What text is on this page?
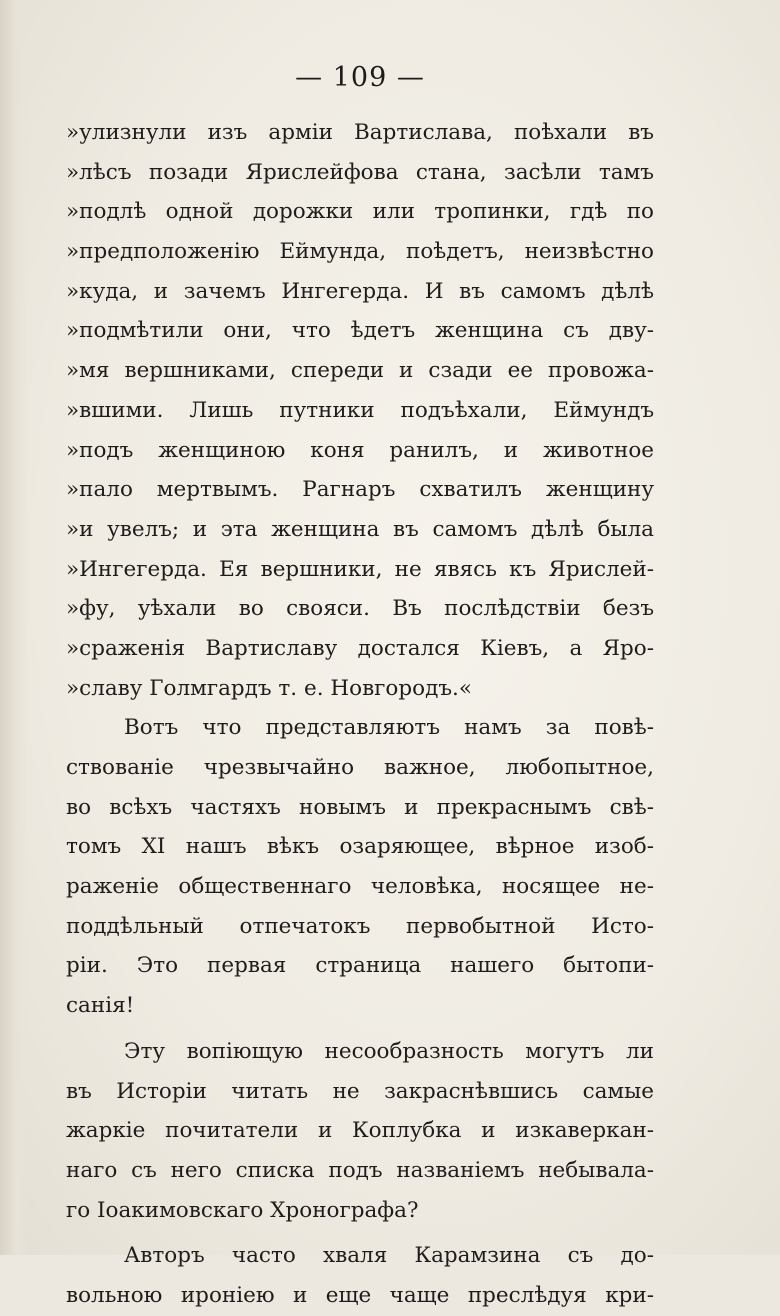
— 109 —
»улизнули изъ арміи Вартислава, поѣхали въ
»лѣсъ позади Ярислейфова стана, засѣли тамъ
»подлѣ одной дорожки или тропинки, гдѣ по
»предположенію Еймунда, поѣдетъ, неизвѣстно
»куда, и зачемъ Ингегерда. И въ самомъ дѣлѣ
»подмѣтили они, что ѣдетъ женщина съ дву-
»мя вершниками, спереди и сзади ее провожа-
»вшими. Лишь путники подъѣхали, Еймундъ
»подъ женщиною коня ранилъ, и животное
»пало мертвымъ. Рагнаръ схватилъ женщину
»и увелъ; и эта женщина въ самомъ дѣлѣ была
»Ингегерда. Ея вершники, не явясь къ Ярислей-
»фу, уѣхали во свояси. Въ послѣдствіи безъ
»сраженія Вартиславу достался Кіевъ, а Яро-
»славу Голмгардъ т. е. Новгородъ.«
Вотъ что представляютъ намъ за повѣ-
ствованіе чрезвычайно важное, любопытное,
во всѣхъ частяхъ новымъ и прекраснымъ свѣ-
томъ XI нашъ вѣкъ озаряющее, вѣрное изоб-
раженіе общественнаго человѣка, носящее не-
поддѣльный отпечатокъ первобытной Исто-
ріи. Это первая страница нашего бытопи-
санія!
Эту вопіющую несообразность могутъ ли
въ Исторіи читать не закраснѣвшись самые
жаркіе почитатели и Коплубка и изкаверкан-
наго съ него списка подъ названіемъ небывала-
го Іоакимовскаго Хронографа?
Авторъ часто хваля Карамзина съ до-
вольною ироніею и еще чаще преслѣдуя кри-
